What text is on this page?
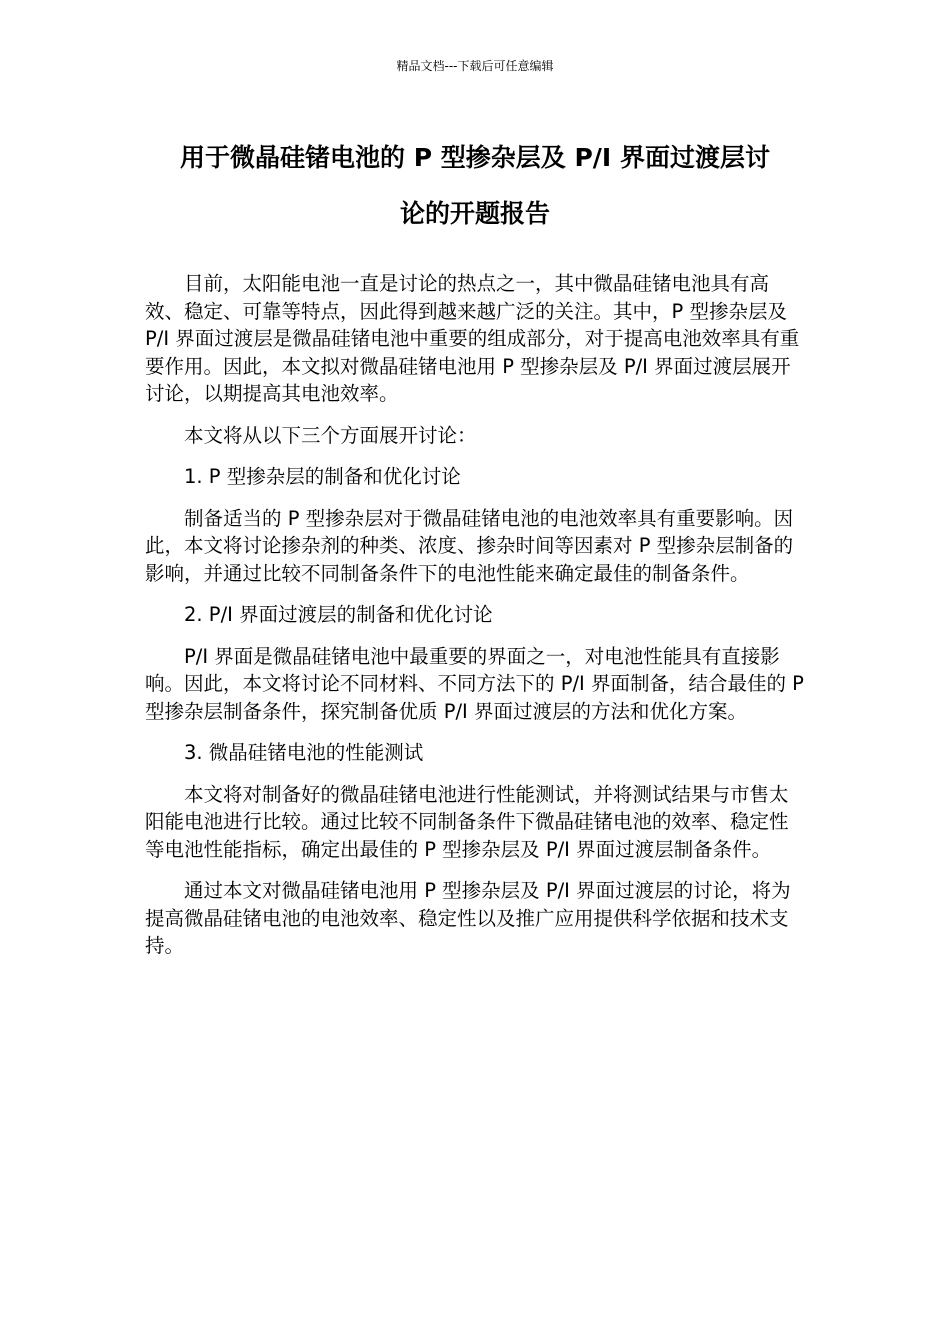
精品文档---下载后可任意编辑
用于微晶硅锗电池的 P 型掺杂层及 P/I 界面过渡层讨
论的开题报告

目前，太阳能电池一直是讨论的热点之一，其中微晶硅锗电池具有高效、稳定、可靠等特点，因此得到越来越广泛的关注。其中，P 型掺杂层及 P/I 界面过渡层是微晶硅锗电池中重要的组成部分，对于提高电池效率具有重要作用。因此，本文拟对微晶硅锗电池用 P 型掺杂层及 P/I 界面过渡层展开讨论，以期提高其电池效率。

本文将从以下三个方面展开讨论：

1. P 型掺杂层的制备和优化讨论

制备适当的 P 型掺杂层对于微晶硅锗电池的电池效率具有重要影响。因此，本文将讨论掺杂剂的种类、浓度、掺杂时间等因素对 P 型掺杂层制备的影响，并通过比较不同制备条件下的电池性能来确定最佳的制备条件。

2. P/I 界面过渡层的制备和优化讨论

P/I 界面是微晶硅锗电池中最重要的界面之一，对电池性能具有直接影响。因此，本文将讨论不同材料、不同方法下的 P/I 界面制备，结合最佳的 P 型掺杂层制备条件，探究制备优质 P/I 界面过渡层的方法和优化方案。

3. 微晶硅锗电池的性能测试

本文将对制备好的微晶硅锗电池进行性能测试，并将测试结果与市售太阳能电池进行比较。通过比较不同制备条件下微晶硅锗电池的效率、稳定性等电池性能指标，确定出最佳的 P 型掺杂层及 P/I 界面过渡层制备条件。

通过本文对微晶硅锗电池用 P 型掺杂层及 P/I 界面过渡层的讨论，将为提高微晶硅锗电池的电池效率、稳定性以及推广应用提供科学依据和技术支持。
